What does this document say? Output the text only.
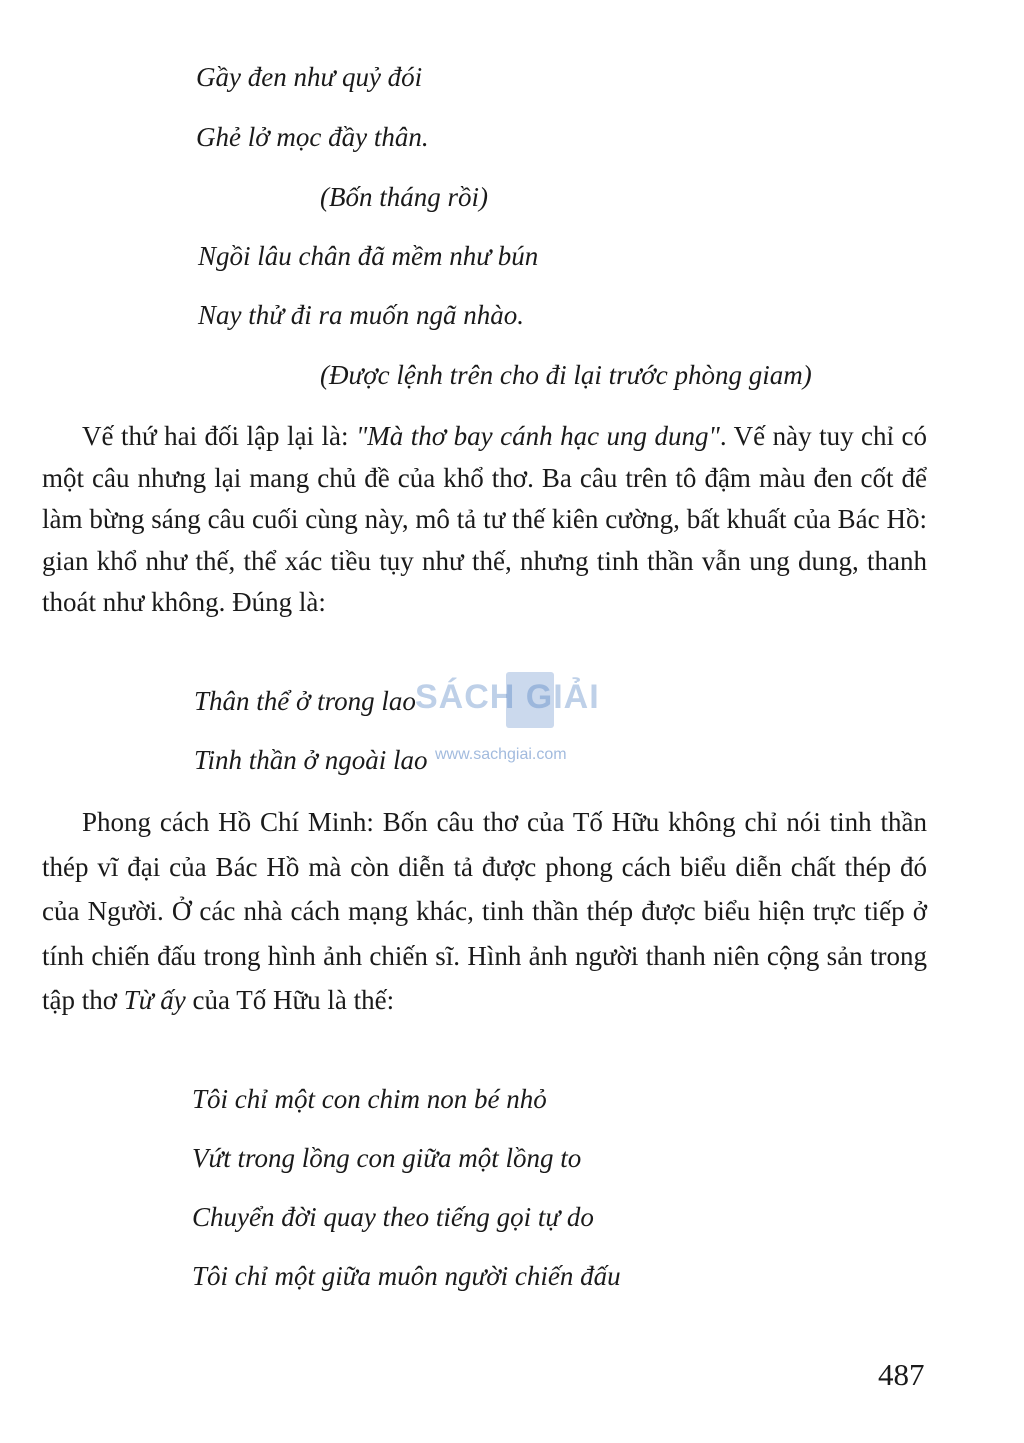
Gầy đen như quỷ đói
Ghẻ lở mọc đầy thân.
(Bốn tháng rồi)
Ngồi lâu chân đã mềm như bún
Nay thử đi ra muốn ngã nhào.
(Được lệnh trên cho đi lại trước phòng giam)
Vế thứ hai đối lập lại là: "Mà thơ bay cánh hạc ung dung". Vế này tuy chỉ có một câu nhưng lại mang chủ đề của khổ thơ. Ba câu trên tô đậm màu đen cốt để làm bừng sáng câu cuối cùng này, mô tả tư thế kiên cường, bất khuất của Bác Hồ: gian khổ như thế, thể xác tiều tụy như thế, nhưng tinh thần vẫn ung dung, thanh thoát như không. Đúng là:
Thân thể ở trong lao
Tinh thần ở ngoài lao
SÁCH GIẢI
www.sachgiai.com
Phong cách Hồ Chí Minh: Bốn câu thơ của Tố Hữu không chỉ nói tinh thần thép vĩ đại của Bác Hồ mà còn diễn tả được phong cách biểu diễn chất thép đó của Người. Ở các nhà cách mạng khác, tinh thần thép được biểu hiện trực tiếp ở tính chiến đấu trong hình ảnh chiến sĩ. Hình ảnh người thanh niên cộng sản trong tập thơ Từ ấy của Tố Hữu là thế:
Tôi chỉ một con chim non bé nhỏ
Vứt trong lồng con giữa một lồng to
Chuyển đời quay theo tiếng gọi tự do
Tôi chỉ một giữa muôn người chiến đấu
487
